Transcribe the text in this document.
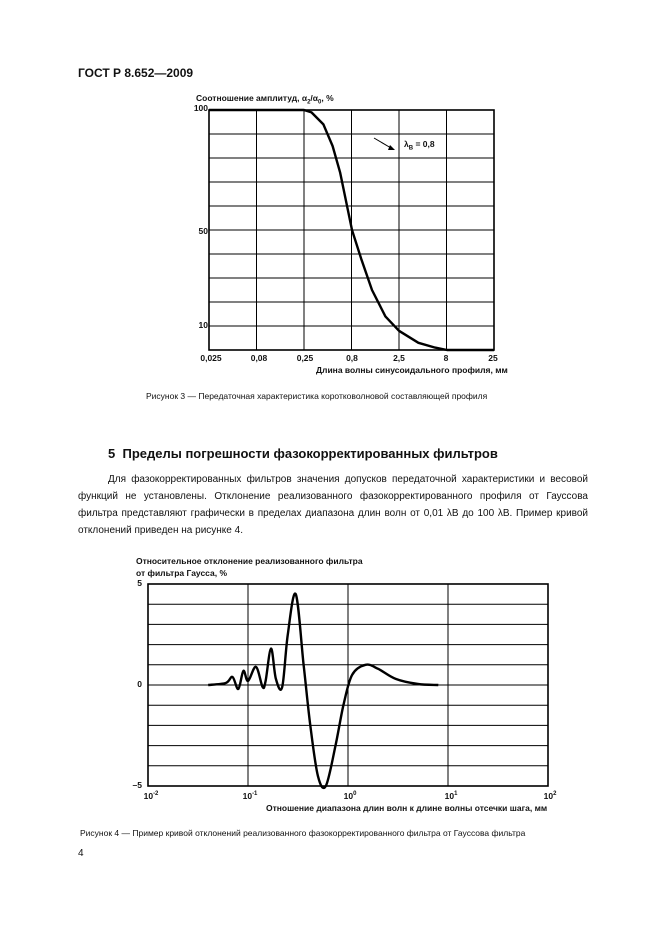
ГОСТ Р 8.652—2009
Соотношение амплитуд, $\alpha_2/\alpha_0$, %
100
50
10
0,025	0,08	0,25	0,8	2,5	8	25
$\lambda_В = 0,8$
Длина волны синусоидального профиля, мм
Рисунок 3 — Передаточная характеристика коротковолновой составляющей профиля
5 Пределы погрешности фазокорректированных фильтров

Для фазокорректированных фильтров значения допусков передаточной характеристики и весовой функций не установлены. Отклонение реализованного фазокорректированного профиля от Гауссова фильтра представляют графически в пределах диапазона длин волн от 0,01 λВ до 100 λВ. Пример кривой отклонений приведен на рисунке 4.

Относительное отклонение реализованного фильтра
от фильтра Гаусса, %
5
0
–5
$10^{-2}$	$10^{-1}$	$10^0$	$10^1$	$10^2$
Отношение диапазона длин волн к длине волны отсечки шага, мм
Рисунок 4 — Пример кривой отклонений реализованного фазокорректированного фильтра от Гауссова фильтра
4
